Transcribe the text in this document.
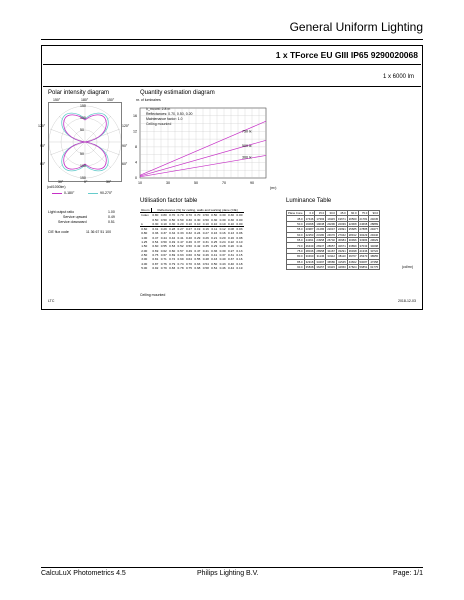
General Uniform Lighting
1 x TForce EU GIII IP65 9290020068
1 x 6000 lm
Polar intensity diagram
150°	180°	150°
120°
90°
60°
120°
90°
60°
30°	0°	30°
150
100
50
50
100
150
(cd/1000lm)
0-180°	90-270°
Quantity estimation diagram
nr. of luminaires
h_mount: 2.8 m
Reflectances: 0.70, 0.50, 0.20
Maintenance factor: 1.0
Ceiling mounted
10	30	50	70	90
0
4
8
12
16
750 lx
500 lx
300 lx
(m²)
Light output ratio	1.00
Service upward	0.49
Service downward	0.51
CIE flux code	11 36 67 51 100
Utilisation factor table
Room	Reflectances (%) for ceiling, walls and working plane (CIE)										
Index	0.80	0.80	0.70	0.70	0.70	0.70	0.50	0.50	0.30	0.30	0.00
	0.50	0.50	0.50	0.50	0.30	0.30	0.50	0.30	0.30	0.30	0.00
k	0.30	0.10	0.30	0.20	0.10	0.10	0.10	0.10	0.10	0.10	0.00
0.60	0.31	0.29	0.28	0.27	0.27	0.19	0.16	0.11	0.12	0.08	0.03
0.80	0.36	0.37	0.34	0.33	0.32	0.24	0.27	0.16	0.16	0.13	0.06
1.00	0.47	0.44	0.42	0.41	0.40	0.29	0.26	0.21	0.20	0.16	0.08
1.25	0.54	0.50	0.49	0.47	0.46	0.37	0.31	0.25	0.24	0.22	0.10
1.50	0.60	0.55	0.53	0.52	0.50	0.42	0.35	0.29	0.28	0.20	0.11
2.00	0.69	0.62	0.60	0.57	0.49	0.47	0.41	0.36	0.30	0.27	0.13
2.50	0.75	0.67	0.69	0.63	0.60	0.52	0.46	0.41	0.37	0.31	0.15
3.00	0.81	0.71	0.72	0.69	0.64	0.55	0.48	0.43	0.40	0.37	0.16
4.00	0.87	0.76	0.79	0.74	0.70	0.63	0.54	0.50	0.43	0.40	0.18
5.00	0.92	0.79	0.83	0.78	0.75	0.68	0.58	0.54	0.46	0.44	0.19
Ceiling mounted
Luminance Table
Plane Cone	0.0	15.0	30.0	45.0	60.0	75.0	90.0
45.0	17446	17393	19115	19671	20560	21781	24045
50.0	19098	19038	20296	22039	22968	24668	28889
55.0	20987	21286	22047	24991	25685	27885	29477
60.0	22253	23180	24670	27042	28912	30229	29446
65.0	24391	24958	26702	30684	30996	33384	29629
70.0	26439	26937	28957	32671	33899	37033	34698
75.0	28046	28958	31167	33291	36498	41336	33722
80.0	30490	31136	33112	38110	39767	45370	38955
85.0	32918	33497	36586	41545	43662	50087	47358
90.0	35838	36257	39115	44650	47824	56851	61775	(cd/m²)
LTC	2018-12-03
CalcuLuX Photometrics 4.5	Philips Lighting B.V.	Page: 1/1
